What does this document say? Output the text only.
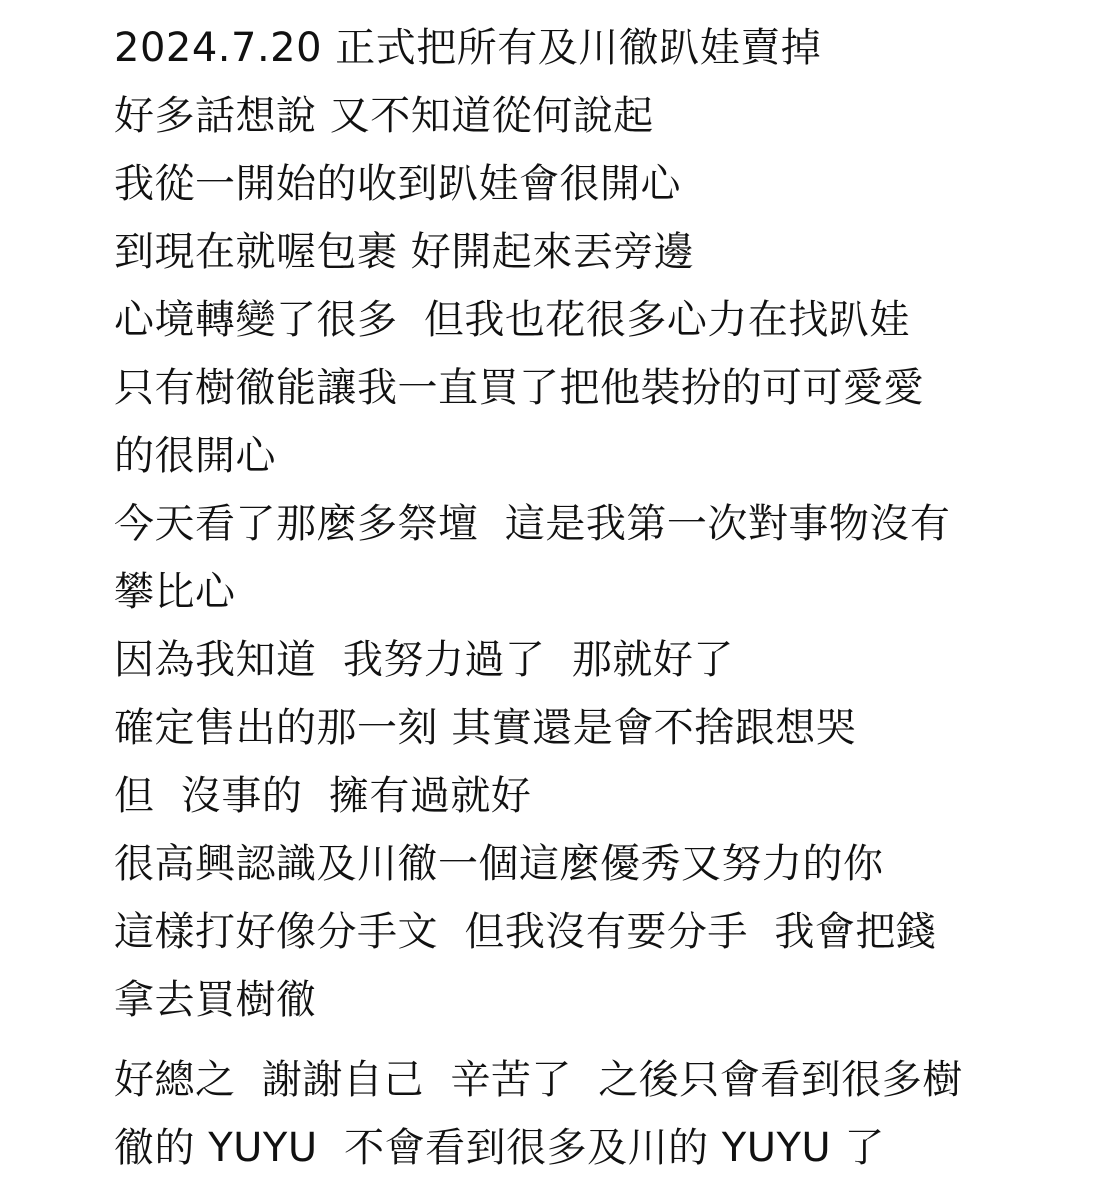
2024.7.20 正式把所有及川徹趴娃賣掉
好多話想說 又不知道從何說起
我從一開始的收到趴娃會很開心
到現在就喔包裹 好開起來丟旁邊
心境轉變了很多  但我也花很多心力在找趴娃
只有樹徹能讓我一直買了把他裝扮的可可愛愛
的很開心
今天看了那麼多祭壇  這是我第一次對事物沒有
攀比心
因為我知道  我努力過了  那就好了
確定售出的那一刻 其實還是會不捨跟想哭
但  沒事的  擁有過就好
很高興認識及川徹一個這麼優秀又努力的你
這樣打好像分手文  但我沒有要分手  我會把錢
拿去買樹徹
好總之  謝謝自己  辛苦了  之後只會看到很多樹
徹的 YUYU  不會看到很多及川的 YUYU 了
